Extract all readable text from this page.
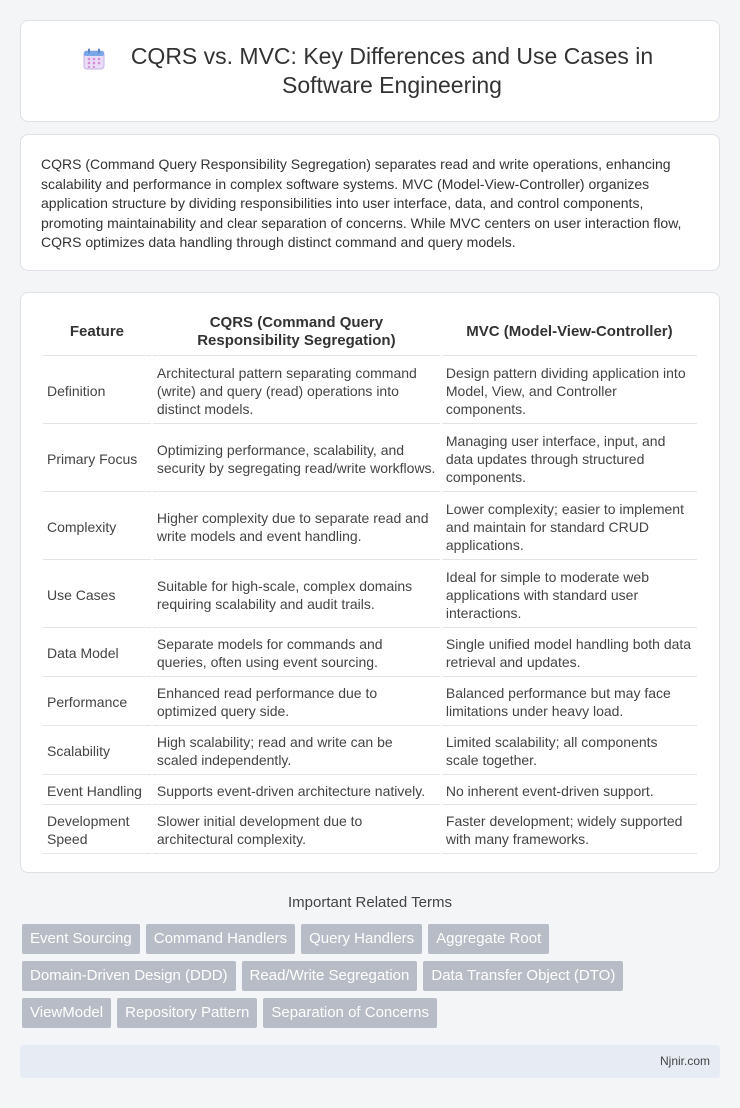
CQRS vs. MVC: Key Differences and Use Cases in Software Engineering

CQRS (Command Query Responsibility Segregation) separates read and write operations, enhancing scalability and performance in complex software systems. MVC (Model-View-Controller) organizes application structure by dividing responsibilities into user interface, data, and control components, promoting maintainability and clear separation of concerns. While MVC centers on user interaction flow, CQRS optimizes data handling through distinct command and query models.

Feature	CQRS (Command Query Responsibility Segregation)	MVC (Model-View-Controller)
Definition	Architectural pattern separating command (write) and query (read) operations into distinct models.	Design pattern dividing application into Model, View, and Controller components.
Primary Focus	Optimizing performance, scalability, and security by segregating read/write workflows.	Managing user interface, input, and data updates through structured components.
Complexity	Higher complexity due to separate read and write models and event handling.	Lower complexity; easier to implement and maintain for standard CRUD applications.
Use Cases	Suitable for high-scale, complex domains requiring scalability and audit trails.	Ideal for simple to moderate web applications with standard user interactions.
Data Model	Separate models for commands and queries, often using event sourcing.	Single unified model handling both data retrieval and updates.
Performance	Enhanced read performance due to optimized query side.	Balanced performance but may face limitations under heavy load.
Scalability	High scalability; read and write can be scaled independently.	Limited scalability; all components scale together.
Event Handling	Supports event-driven architecture natively.	No inherent event-driven support.
Development Speed	Slower initial development due to architectural complexity.	Faster development; widely supported with many frameworks.
Important Related Terms
Event Sourcing	Command Handlers	Query Handlers	Aggregate Root
Domain-Driven Design (DDD)	Read/Write Segregation	Data Transfer Object (DTO)
ViewModel	Repository Pattern	Separation of Concerns
Njnir.com
